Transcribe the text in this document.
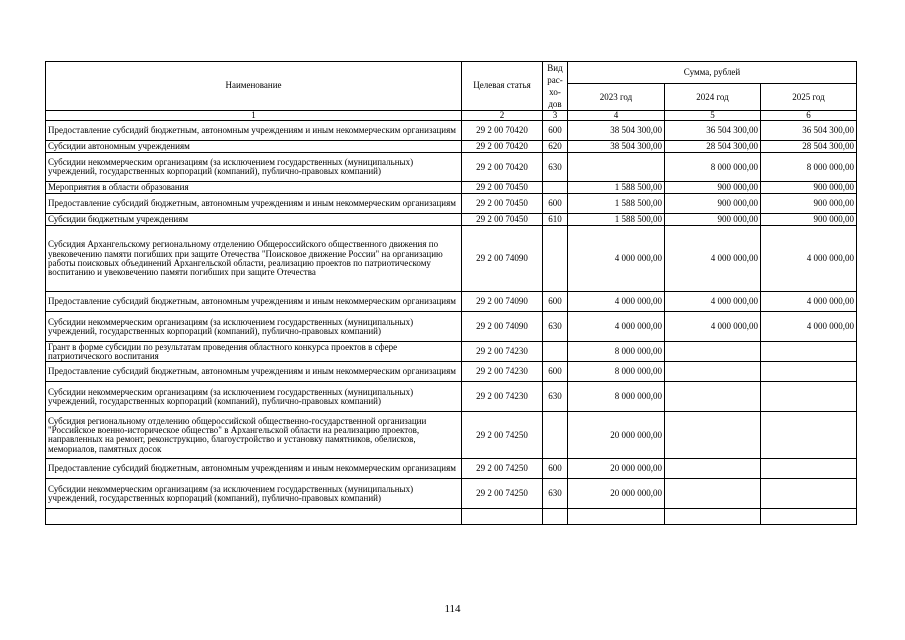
Наименование	Целевая статья	Вид рас-хо-дов	Сумма, рублей		
			2023 год	2024 год	2025 год
1	2	3	4	5	6
Предоставление субсидий бюджетным, автономным учреждениям и иным некоммерческим организациям	29 2 00 70420	600	38 504 300,00	36 504 300,00	36 504 300,00
Субсидии автономным учреждениям	29 2 00 70420	620	38 504 300,00	28 504 300,00	28 504 300,00
Субсидии некоммерческим организациям (за исключением государственных (муниципальных) учреждений, государственных корпораций (компаний), публично-правовых компаний)	29 2 00 70420	630		8 000 000,00	8 000 000,00
Мероприятия в области образования	29 2 00 70450		1 588 500,00	900 000,00	900 000,00
Предоставление субсидий бюджетным, автономным учреждениям и иным некоммерческим организациям	29 2 00 70450	600	1 588 500,00	900 000,00	900 000,00
Субсидии бюджетным учреждениям	29 2 00 70450	610	1 588 500,00	900 000,00	900 000,00
Субсидия Архангельскому региональному отделению Общероссийского общественного движения по увековечению памяти погибших при защите Отечества "Поисковое движение России" на организацию работы поисковых объединений Архангельской области, реализацию проектов по патриотическому воспитанию и увековечению памяти погибших при защите Отечества	29 2 00 74090		4 000 000,00	4 000 000,00	4 000 000,00
Предоставление субсидий бюджетным, автономным учреждениям и иным некоммерческим организациям	29 2 00 74090	600	4 000 000,00	4 000 000,00	4 000 000,00
Субсидии некоммерческим организациям (за исключением государственных (муниципальных) учреждений, государственных корпораций (компаний), публично-правовых компаний)	29 2 00 74090	630	4 000 000,00	4 000 000,00	4 000 000,00
Грант в форме субсидии по результатам проведения областного конкурса проектов в сфере патриотического воспитания	29 2 00 74230		8 000 000,00		
Предоставление субсидий бюджетным, автономным учреждениям и иным некоммерческим организациям	29 2 00 74230	600	8 000 000,00		
Субсидии некоммерческим организациям (за исключением государственных (муниципальных) учреждений, государственных корпораций (компаний), публично-правовых компаний)	29 2 00 74230	630	8 000 000,00		
Субсидия региональному отделению общероссийской общественно-государственной организации "Российское военно-историческое общество" в Архангельской области на реализацию проектов, направленных на ремонт, реконструкцию, благоустройство и установку памятников, обелисков, мемориалов, памятных досок	29 2 00 74250		20 000 000,00		
Предоставление субсидий бюджетным, автономным учреждениям и иным некоммерческим организациям	29 2 00 74250	600	20 000 000,00		
Субсидии некоммерческим организациям (за исключением государственных (муниципальных) учреждений, государственных корпораций (компаний), публично-правовых компаний)	29 2 00 74250	630	20 000 000,00		

114
